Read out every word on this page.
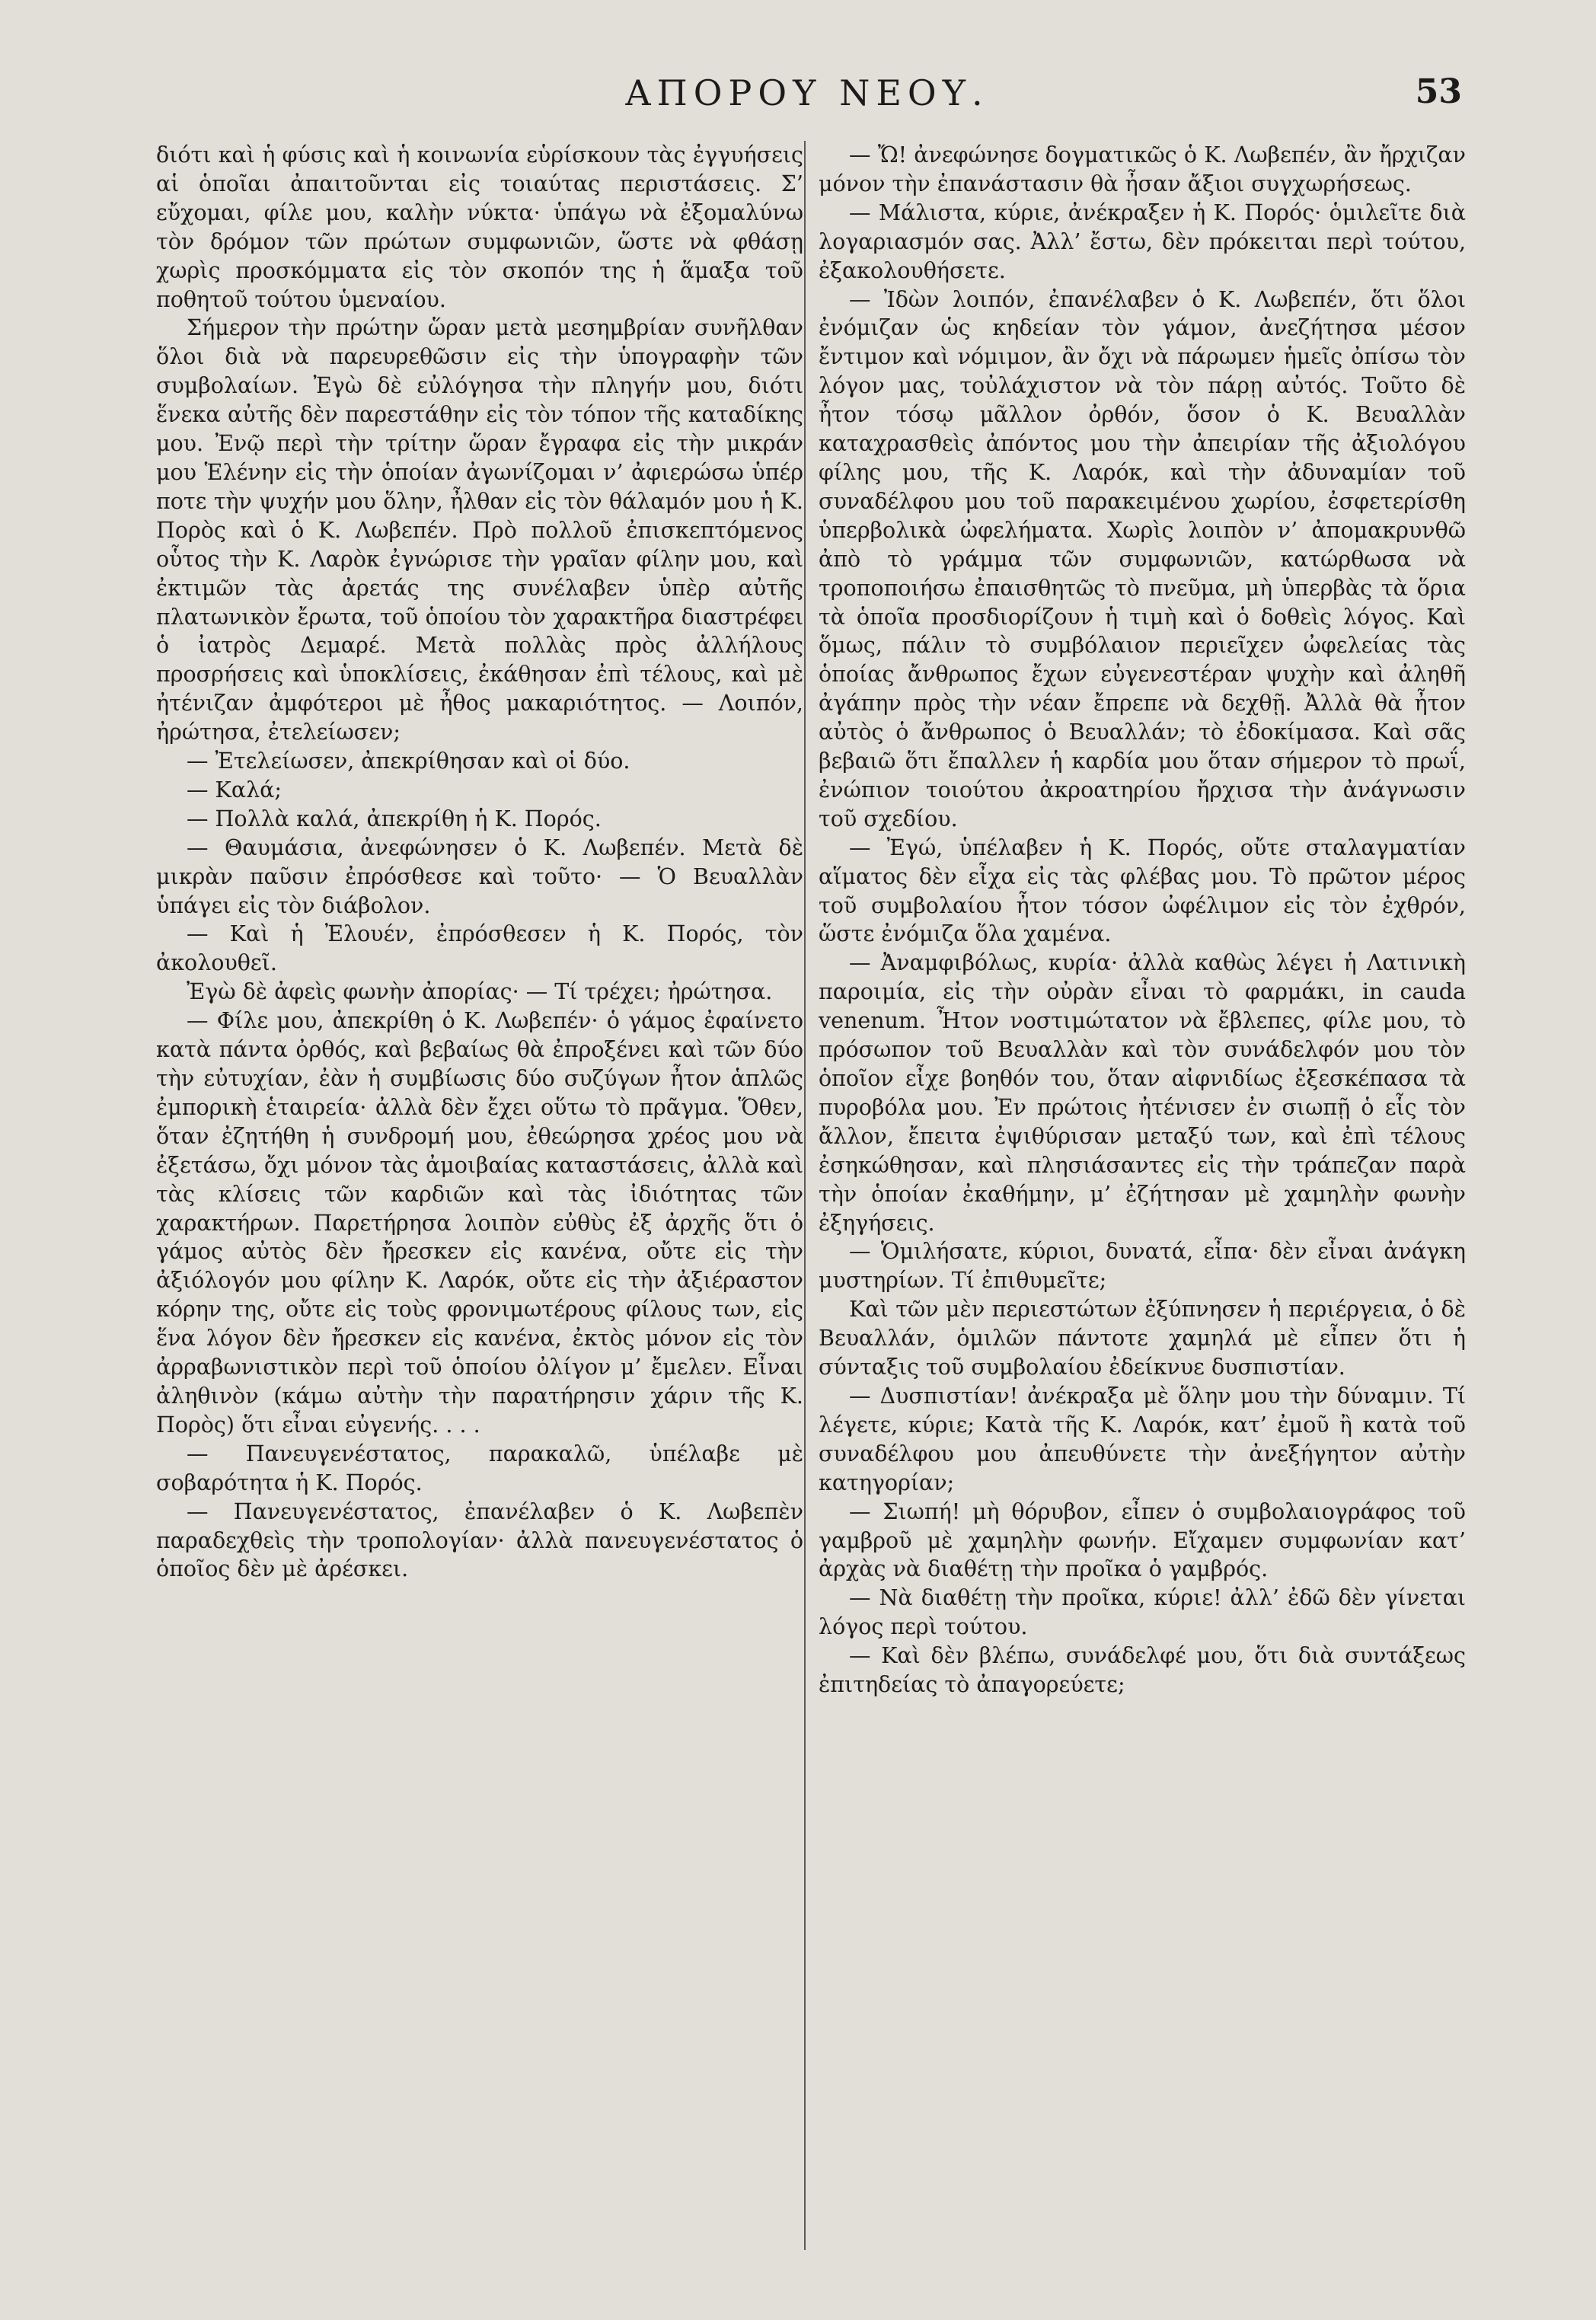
ΑΠΟΡΟΥ ΝΕΟΥ.	53

διότι καὶ ἡ φύσις καὶ ἡ κοινωνία εὑρίσκουν τὰς ἐγγυήσεις αἱ ὁποῖαι ἀπαιτοῦνται εἰς τοιαύτας περιστάσεις. Σ’ εὔχομαι, φίλε μου, καλὴν νύκτα· ὑπάγω νὰ ἐξομαλύνω τὸν δρόμον τῶν πρώτων συμφωνιῶν, ὥστε νὰ φθάσῃ χωρὶς προσκόμματα εἰς τὸν σκοπόν της ἡ ἅμαξα τοῦ ποθητοῦ τούτου ὑμεναίου.

Σήμερον τὴν πρώτην ὥραν μετὰ μεσημβρίαν συνῆλθαν ὅλοι διὰ νὰ παρευρεθῶσιν εἰς τὴν ὑπογραφὴν τῶν συμβολαίων. Ἐγὼ δὲ εὐλόγησα τὴν πληγήν μου, διότι ἕνεκα αὐτῆς δὲν παρεστάθην εἰς τὸν τόπον τῆς καταδίκης μου. Ἐνῷ περὶ τὴν τρίτην ὥραν ἔγραφα εἰς τὴν μικράν μου Ἑλένην εἰς τὴν ὁποίαν ἀγωνίζομαι ν’ ἀφιερώσω ὑπέρ ποτε τὴν ψυχήν μου ὅλην, ἦλθαν εἰς τὸν θάλαμόν μου ἡ Κ. Πορὸς καὶ ὁ Κ. Λωβεπέν. Πρὸ πολλοῦ ἐπισκεπτόμενος οὗτος τὴν Κ. Λαρὸκ ἐγνώρισε τὴν γραῖαν φίλην μου, καὶ ἐκτιμῶν τὰς ἀρετάς της συνέλαβεν ὑπὲρ αὐτῆς πλατωνικὸν ἔρωτα, τοῦ ὁποίου τὸν χαρακτῆρα διαστρέφει ὁ ἰατρὸς Δεμαρέ. Μετὰ πολλὰς πρὸς ἀλλήλους προσρήσεις καὶ ὑποκλίσεις, ἐκάθησαν ἐπὶ τέλους, καὶ μὲ ἠτένιζαν ἀμφότεροι μὲ ἦθος μακαριότητος. — Λοιπόν, ἠρώτησα, ἐτελείωσεν;

— Ἐτελείωσεν, ἀπεκρίθησαν καὶ οἱ δύο.

— Καλά;

— Πολλὰ καλά, ἀπεκρίθη ἡ Κ. Πορός.

— Θαυμάσια, ἀνεφώνησεν ὁ Κ. Λωβεπέν. Μετὰ δὲ μικρὰν παῦσιν ἐπρόσθεσε καὶ τοῦτο· — Ὁ Βευαλλὰν ὑπάγει εἰς τὸν διάβολον.

— Καὶ ἡ Ἐλουέν, ἐπρόσθεσεν ἡ Κ. Πορός, τὸν ἀκολουθεῖ.

Ἐγὼ δὲ ἀφεὶς φωνὴν ἀπορίας· — Τί τρέχει; ἠρώτησα.

— Φίλε μου, ἀπεκρίθη ὁ Κ. Λωβεπέν· ὁ γάμος ἐφαίνετο κατὰ πάντα ὀρθός, καὶ βεβαίως θὰ ἐπροξένει καὶ τῶν δύο τὴν εὐτυχίαν, ἐὰν ἡ συμβίωσις δύο συζύγων ἦτον ἁπλῶς ἐμπορικὴ ἑταιρεία· ἀλλὰ δὲν ἔχει οὕτω τὸ πρᾶγμα. Ὅθεν, ὅταν ἐζητήθη ἡ συνδρομή μου, ἐθεώρησα χρέος μου νὰ ἐξετάσω, ὄχι μόνον τὰς ἀμοιβαίας καταστάσεις, ἀλλὰ καὶ τὰς κλίσεις τῶν καρδιῶν καὶ τὰς ἰδιότητας τῶν χαρακτήρων. Παρετήρησα λοιπὸν εὐθὺς ἐξ ἀρχῆς ὅτι ὁ γάμος αὐτὸς δὲν ἤρεσκεν εἰς κανένα, οὔτε εἰς τὴν ἀξιόλογόν μου φίλην Κ. Λαρόκ, οὔτε εἰς τὴν ἀξιέραστον κόρην της, οὔτε εἰς τοὺς φρονιμωτέρους φίλους των, εἰς ἕνα λόγον δὲν ἤρεσκεν εἰς κανένα, ἐκτὸς μόνον εἰς τὸν ἀρραβωνιστικὸν περὶ τοῦ ὁποίου ὀλίγον μ’ ἔμελεν. Εἶναι ἀληθινὸν (κάμω αὐτὴν τὴν παρατήρησιν χάριν τῆς Κ. Πορὸς) ὅτι εἶναι εὐγενής. . . .

— Πανευγενέστατος, παρακαλῶ, ὑπέλαβε μὲ σοβαρότητα ἡ Κ. Πορός.

— Πανευγενέστατος, ἐπανέλαβεν ὁ Κ. Λωβεπὲν παραδεχθεὶς τὴν τροπολογίαν· ἀλλὰ πανευγενέστατος ὁ ὁποῖος δὲν μὲ ἀρέσκει.

— Ὤ! ἀνεφώνησε δογματικῶς ὁ Κ. Λωβεπέν, ἂν ἤρχιζαν μόνον τὴν ἐπανάστασιν θὰ ἦσαν ἄξιοι συγχωρήσεως.

— Μάλιστα, κύριε, ἀνέκραξεν ἡ Κ. Πορός· ὁμιλεῖτε διὰ λογαριασμόν σας. Ἀλλ’ ἔστω, δὲν πρόκειται περὶ τούτου, ἐξακολουθήσετε.

— Ἰδὼν λοιπόν, ἐπανέλαβεν ὁ Κ. Λωβεπέν, ὅτι ὅλοι ἐνόμιζαν ὡς κηδείαν τὸν γάμον, ἀνεζήτησα μέσον ἔντιμον καὶ νόμιμον, ἂν ὄχι νὰ πάρωμεν ἡμεῖς ὀπίσω τὸν λόγον μας, τοὐλάχιστον νὰ τὸν πάρῃ αὐτός. Τοῦτο δὲ ἦτον τόσῳ μᾶλλον ὀρθόν, ὅσον ὁ Κ. Βευαλλὰν καταχρασθεὶς ἀπόντος μου τὴν ἀπειρίαν τῆς ἀξιολόγου φίλης μου, τῆς Κ. Λαρόκ, καὶ τὴν ἀδυναμίαν τοῦ συναδέλφου μου τοῦ παρακειμένου χωρίου, ἐσφετερίσθη ὑπερβολικὰ ὠφελήματα. Χωρὶς λοιπὸν ν’ ἀπομακρυνθῶ ἀπὸ τὸ γράμμα τῶν συμφωνιῶν, κατώρθωσα νὰ τροποποιήσω ἐπαισθητῶς τὸ πνεῦμα, μὴ ὑπερβὰς τὰ ὅρια τὰ ὁποῖα προσδιορίζουν ἡ τιμὴ καὶ ὁ δοθεὶς λόγος. Καὶ ὅμως, πάλιν τὸ συμβόλαιον περιεῖχεν ὠφελείας τὰς ὁποίας ἄνθρωπος ἔχων εὐγενεστέραν ψυχὴν καὶ ἀληθῆ ἀγάπην πρὸς τὴν νέαν ἔπρεπε νὰ δεχθῇ. Ἀλλὰ θὰ ἦτον αὐτὸς ὁ ἄνθρωπος ὁ Βευαλλάν; τὸ ἐδοκίμασα. Καὶ σᾶς βεβαιῶ ὅτι ἔπαλλεν ἡ καρδία μου ὅταν σήμερον τὸ πρωΐ, ἐνώπιον τοιούτου ἀκροατηρίου ἤρχισα τὴν ἀνάγνωσιν τοῦ σχεδίου.

— Ἐγώ, ὑπέλαβεν ἡ Κ. Πορός, οὔτε σταλαγματίαν αἵματος δὲν εἶχα εἰς τὰς φλέβας μου. Τὸ πρῶτον μέρος τοῦ συμβολαίου ἦτον τόσον ὠφέλιμον εἰς τὸν ἐχθρόν, ὥστε ἐνόμιζα ὅλα χαμένα.

— Ἀναμφιβόλως, κυρία· ἀλλὰ καθὼς λέγει ἡ Λατινικὴ παροιμία, εἰς τὴν οὐρὰν εἶναι τὸ φαρμάκι, in cauda venenum. Ἦτον νοστιμώτατον νὰ ἔβλεπες, φίλε μου, τὸ πρόσωπον τοῦ Βευαλλὰν καὶ τὸν συνάδελφόν μου τὸν ὁποῖον εἶχε βοηθόν του, ὅταν αἰφνιδίως ἐξεσκέπασα τὰ πυροβόλα μου. Ἐν πρώτοις ἠτένισεν ἐν σιωπῇ ὁ εἷς τὸν ἄλλον, ἔπειτα ἐψιθύρισαν μεταξύ των, καὶ ἐπὶ τέλους ἐσηκώθησαν, καὶ πλησιάσαντες εἰς τὴν τράπεζαν παρὰ τὴν ὁποίαν ἐκαθήμην, μ’ ἐζήτησαν μὲ χαμηλὴν φωνὴν ἐξηγήσεις.

— Ὁμιλήσατε, κύριοι, δυνατά, εἶπα· δὲν εἶναι ἀνάγκη μυστηρίων. Τί ἐπιθυμεῖτε;

Καὶ τῶν μὲν περιεστώτων ἐξύπνησεν ἡ περιέργεια, ὁ δὲ Βευαλλάν, ὁμιλῶν πάντοτε χαμηλά μὲ εἶπεν ὅτι ἡ σύνταξις τοῦ συμβολαίου ἐδείκνυε δυσπιστίαν.

— Δυσπιστίαν! ἀνέκραξα μὲ ὅλην μου τὴν δύναμιν. Τί λέγετε, κύριε; Κατὰ τῆς Κ. Λαρόκ, κατ’ ἐμοῦ ἢ κατὰ τοῦ συναδέλφου μου ἀπευθύνετε τὴν ἀνεξήγητον αὐτὴν κατηγορίαν;

— Σιωπή! μὴ θόρυβον, εἶπεν ὁ συμβολαιογράφος τοῦ γαμβροῦ μὲ χαμηλὴν φωνήν. Εἴχαμεν συμφωνίαν κατ’ ἀρχὰς νὰ διαθέτῃ τὴν προῖκα ὁ γαμβρός.

— Νὰ διαθέτῃ τὴν προῖκα, κύριε! ἀλλ’ ἐδῶ δὲν γίνεται λόγος περὶ τούτου.

— Καὶ δὲν βλέπω, συνάδελφέ μου, ὅτι διὰ συντάξεως ἐπιτηδείας τὸ ἀπαγορεύετε;
